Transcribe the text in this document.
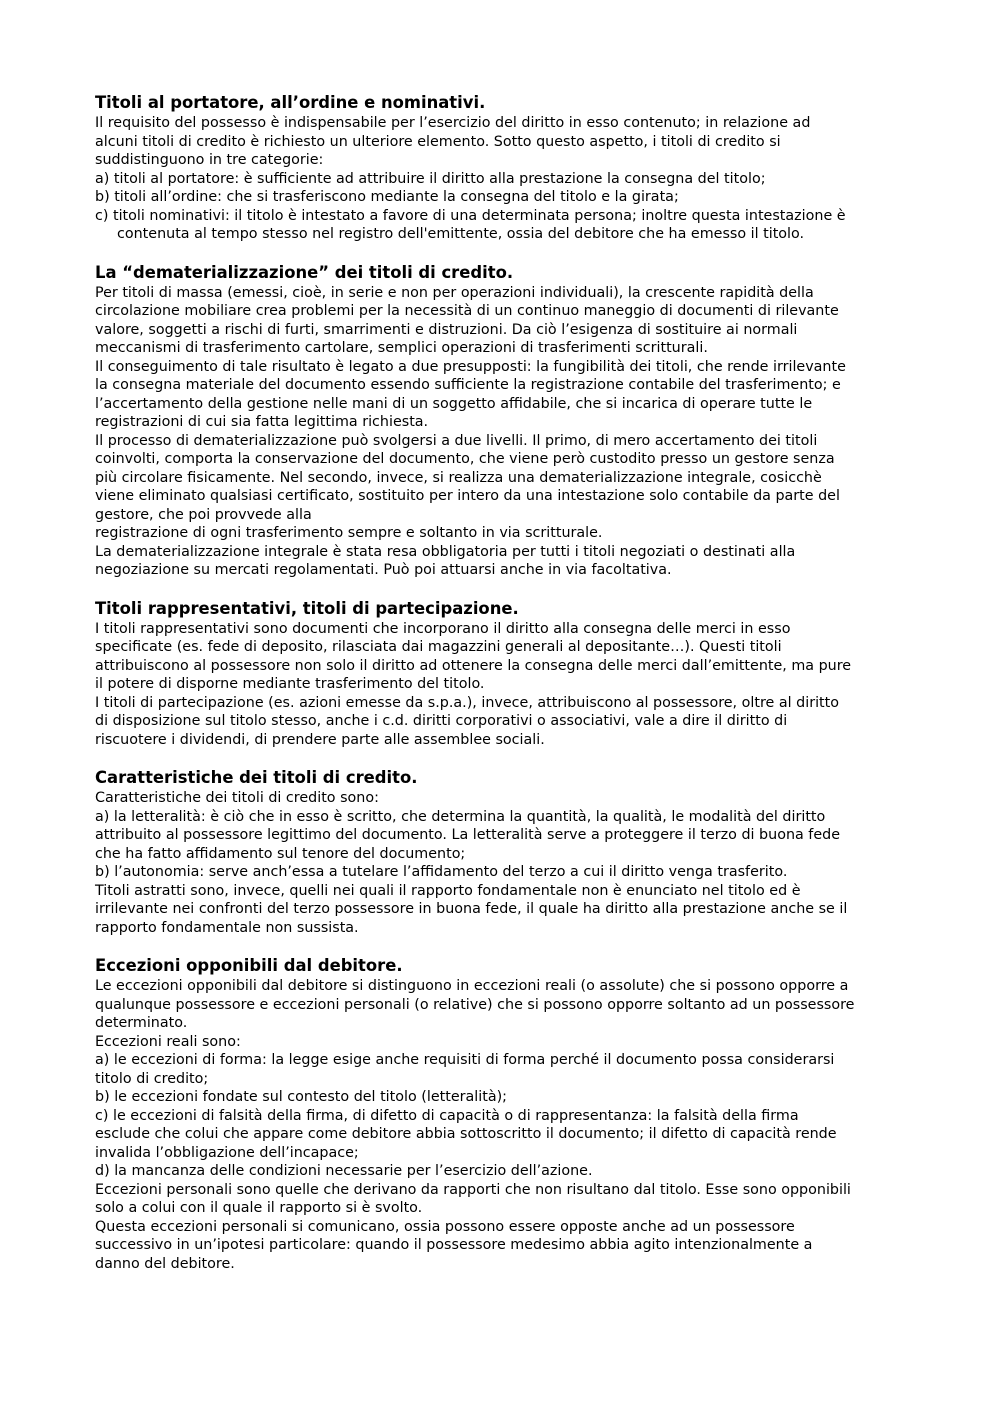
Titoli al portatore, all’ordine e nominativi.

Il requisito del possesso è indispensabile per l’esercizio del diritto in esso contenuto; in relazione ad

alcuni titoli di credito è richiesto un ulteriore elemento. Sotto questo aspetto, i titoli di credito si

suddistinguono in tre categorie:

a) titoli al portatore: è sufficiente ad attribuire il diritto alla prestazione la consegna del titolo;

b) titoli all’ordine: che si trasferiscono mediante la consegna del titolo e la girata;

c) titoli nominativi: il titolo è intestato a favore di una determinata persona; inoltre questa intestazione è

contenuta al tempo stesso nel registro dell'emittente, ossia del debitore che ha emesso il titolo.

La “dematerializzazione” dei titoli di credito.

Per titoli di massa (emessi, cioè, in serie e non per operazioni individuali), la crescente rapidità della

circolazione mobiliare crea problemi per la necessità di un continuo maneggio di documenti di rilevante

valore, soggetti a rischi di furti, smarrimenti e distruzioni. Da ciò l’esigenza di sostituire ai normali

meccanismi di trasferimento cartolare, semplici operazioni di trasferimenti scritturali.

Il conseguimento di tale risultato è legato a due presupposti: la fungibilità dei titoli, che rende irrilevante

la consegna materiale del documento essendo sufficiente la registrazione contabile del trasferimento; e

l’accertamento della gestione nelle mani di un soggetto affidabile, che si incarica di operare tutte le

registrazioni di cui sia fatta legittima richiesta.

Il processo di dematerializzazione può svolgersi a due livelli. Il primo, di mero accertamento dei titoli

coinvolti, comporta la conservazione del documento, che viene però custodito presso un gestore senza

più circolare fisicamente. Nel secondo, invece, si realizza una dematerializzazione integrale, cosicchè

viene eliminato qualsiasi certificato, sostituito per intero da una intestazione solo contabile da parte del

gestore, che poi provvede alla

registrazione di ogni trasferimento sempre e soltanto in via scritturale.

La dematerializzazione integrale è stata resa obbligatoria per tutti i titoli negoziati o destinati alla

negoziazione su mercati regolamentati. Può poi attuarsi anche in via facoltativa.

Titoli rappresentativi, titoli di partecipazione.

I titoli rappresentativi sono documenti che incorporano il diritto alla consegna delle merci in esso

specificate (es. fede di deposito, rilasciata dai magazzini generali al depositante…). Questi titoli

attribuiscono al possessore non solo il diritto ad ottenere la consegna delle merci dall’emittente, ma pure

il potere di disporne mediante trasferimento del titolo.

I titoli di partecipazione (es. azioni emesse da s.p.a.), invece, attribuiscono al possessore, oltre al diritto

di disposizione sul titolo stesso, anche i c.d. diritti corporativi o associativi, vale a dire il diritto di

riscuotere i dividendi, di prendere parte alle assemblee sociali.

Caratteristiche dei titoli di credito.

Caratteristiche dei titoli di credito sono:

a) la letteralità: è ciò che in esso è scritto, che determina la quantità, la qualità, le modalità del diritto

attribuito al possessore legittimo del documento. La letteralità serve a proteggere il terzo di buona fede

che ha fatto affidamento sul tenore del documento;

b) l’autonomia: serve anch’essa a tutelare l’affidamento del terzo a cui il diritto venga trasferito.

Titoli astratti sono, invece, quelli nei quali il rapporto fondamentale non è enunciato nel titolo ed è

irrilevante nei confronti del terzo possessore in buona fede, il quale ha diritto alla prestazione anche se il

rapporto fondamentale non sussista.

Eccezioni opponibili dal debitore.

Le eccezioni opponibili dal debitore si distinguono in eccezioni reali (o assolute) che si possono opporre a

qualunque possessore e eccezioni personali (o relative) che si possono opporre soltanto ad un possessore

determinato.

Eccezioni reali sono:

a) le eccezioni di forma: la legge esige anche requisiti di forma perché il documento possa considerarsi

titolo di credito;

b) le eccezioni fondate sul contesto del titolo (letteralità);

c) le eccezioni di falsità della firma, di difetto di capacità o di rappresentanza: la falsità della firma

esclude che colui che appare come debitore abbia sottoscritto il documento; il difetto di capacità rende

invalida l’obbligazione dell’incapace;

d) la mancanza delle condizioni necessarie per l’esercizio dell’azione.

Eccezioni personali sono quelle che derivano da rapporti che non risultano dal titolo. Esse sono opponibili

solo a colui con il quale il rapporto si è svolto.

Questa eccezioni personali si comunicano, ossia possono essere opposte anche ad un possessore

successivo in un’ipotesi particolare: quando il possessore medesimo abbia agito intenzionalmente a

danno del debitore.
